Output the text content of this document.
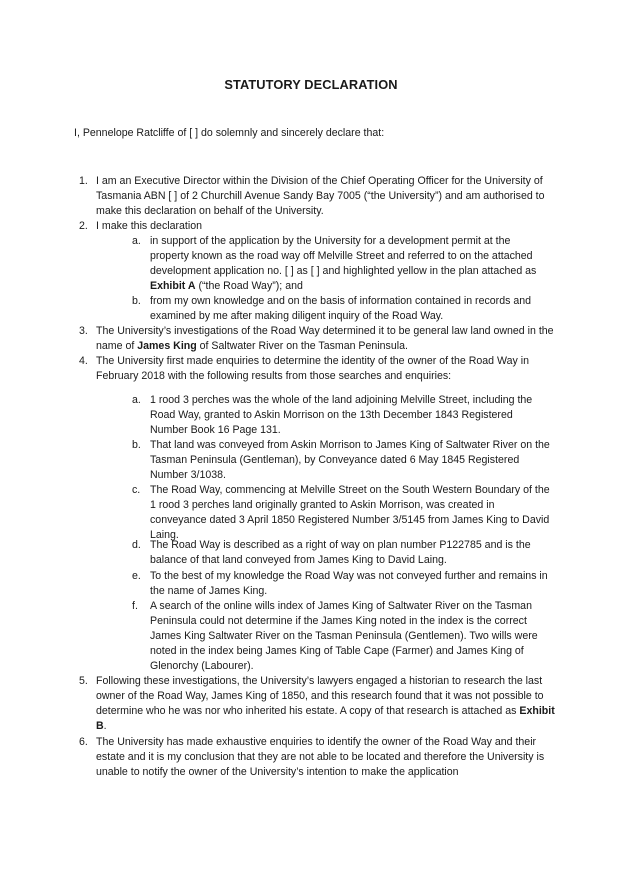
STATUTORY DECLARATION
I, Pennelope Ratcliffe of [ ] do solemnly and sincerely declare that:
1. I am an Executive Director within the Division of the Chief Operating Officer for the University of Tasmania ABN [ ] of 2 Churchill Avenue Sandy Bay 7005 (“the University”) and am authorised to make this declaration on behalf of the University.
2. I make this declaration
a. in support of the application by the University for a development permit at the property known as the road way off Melville Street and referred to on the attached development application no. [ ] as [ ] and highlighted yellow in the plan attached as Exhibit A (“the Road Way”); and
b. from my own knowledge and on the basis of information contained in records and examined by me after making diligent inquiry of the Road Way.
3. The University’s investigations of the Road Way determined it to be general law land owned in the name of James King of Saltwater River on the Tasman Peninsula.
4. The University first made enquiries to determine the identity of the owner of the Road Way in February 2018 with the following results from those searches and enquiries:
a. 1 rood 3 perches was the whole of the land adjoining Melville Street, including the Road Way, granted to Askin Morrison on the 13th December 1843 Registered Number Book 16 Page 131.
b. That land was conveyed from Askin Morrison to James King of Saltwater River on the Tasman Peninsula (Gentleman), by Conveyance dated 6 May 1845 Registered Number 3/1038.
c. The Road Way, commencing at Melville Street on the South Western Boundary of the 1 rood 3 perches land originally granted to Askin Morrison, was created in conveyance dated 3 April 1850 Registered Number 3/5145 from James King to David Laing.
d. The Road Way is described as a right of way on plan number P122785 and is the balance of that land conveyed from James King to David Laing.
e. To the best of my knowledge the Road Way was not conveyed further and remains in the name of James King.
f. A search of the online wills index of James King of Saltwater River on the Tasman Peninsula could not determine if the James King noted in the index is the correct James King Saltwater River on the Tasman Peninsula (Gentlemen). Two wills were noted in the index being James King of Table Cape (Farmer) and James King of Glenorchy (Labourer).
5. Following these investigations, the University’s lawyers engaged a historian to research the last owner of the Road Way, James King of 1850, and this research found that it was not possible to determine who he was nor who inherited his estate. A copy of that research is attached as Exhibit B.
6. The University has made exhaustive enquiries to identify the owner of the Road Way and their estate and it is my conclusion that they are not able to be located and therefore the University is unable to notify the owner of the University’s intention to make the application
